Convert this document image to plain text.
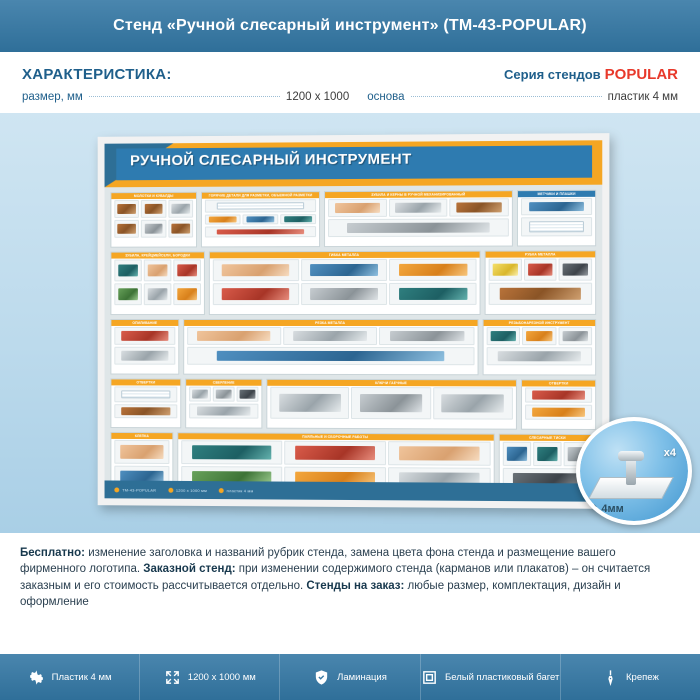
Стенд «Ручной слесарный инструмент» (ТМ-43-POPULAR)
ХАРАКТЕРИСТИКА:	Серия стендов POPULAR
размер, мм	1200 x 1000 основа	пластик 4 мм
РУЧНОЙ СЛЕСАРНЫЙ ИНСТРУМЕНТ
МОЛОТКИ И КУВАЛДЫ	ГОРЯЧИЕ ДЕТАЛИ ДЛЯ РАЗМЕТКИ, ОБЪЕМНОЙ РАЗМЕТКИ	ЗУБИЛА И КЕРНЫ В РУЧНОЙ МЕХАНИЗИРОВАННЫЙ	МЕТЧИКИ И ПЛАШКИ
ЗУБИЛА, КРЕЙЦМЕЙСЕЛИ, БОРОДКИ	ГИБКА МЕТАЛЛА	РУБКА МЕТАЛЛА
ОПИЛИВАНИЕ	РЕЗКА МЕТАЛЛА	РЕЗЬБОНАРЕЗНОЙ ИНСТРУМЕНТ
ОТВЕРТКИ	СВЕРЛЕНИЕ	КЛЮЧИ ГАЕЧНЫЕ	ОТВЕРТКИ
КЛЕПКА	ПАЯЛЬНЫЕ И СБОРОЧНЫЕ РАБОТЫ	СЛЕСАРНЫЕ ТИСКИ
ТМ-43-POPULAR	1200 x 1000 мм	пластик 4 мм
x4
⇕ 4мм
Бесплатно: изменение заголовка и названий рубрик стенда, замена цвета фона стенда и размещение вашего фирменного логотипа. Заказной стенд: при изменении содержимого стенда (карманов или плакатов) – он считается заказным и его стоимость рассчитывается отдельно. Стенды на заказ: любые размер, комплектация, дизайн и оформление
Пластик 4 мм	1200 x 1000 мм	Ламинация	Белый пластиковый багет	Крепеж
